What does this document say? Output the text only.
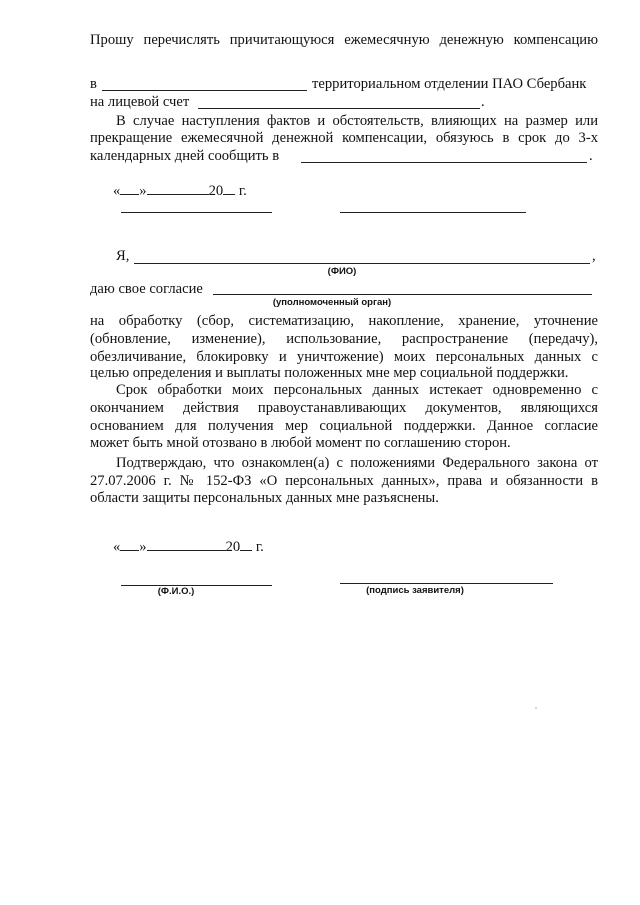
Прошу перечислять причитающуюся ежемесячную денежную компенсацию
в	территориальном отделении ПАО Сбербанк
на лицевой счет	.
В случае наступления фактов и обстоятельств, влияющих на размер или
прекращение ежемесячной денежной компенсации, обязуюсь в срок до 3-х
календарных дней сообщить в	.
« »	20 г.
Я,	,
(ФИО)
даю свое согласие
(уполномоченный орган)
на обработку (сбор, систематизацию, накопление, хранение, уточнение
(обновление, изменение), использование, распространение (передачу),
обезличивание, блокировку и уничтожение) моих персональных данных с
целью определения и выплаты положенных мне мер социальной поддержки.
Срок обработки моих персональных данных истекает одновременно с
окончанием действия правоустанавливающих документов, являющихся
основанием для получения мер социальной поддержки. Данное согласие
может быть мной отозвано в любой момент по соглашению сторон.
Подтверждаю, что ознакомлен(а) с положениями Федерального закона от
27.07.2006 г. № 152-ФЗ «О персональных данных», права и обязанности в
области защиты персональных данных мне разъяснены.
« »	20 г.
(Ф.И.О.)	(подпись заявителя)
